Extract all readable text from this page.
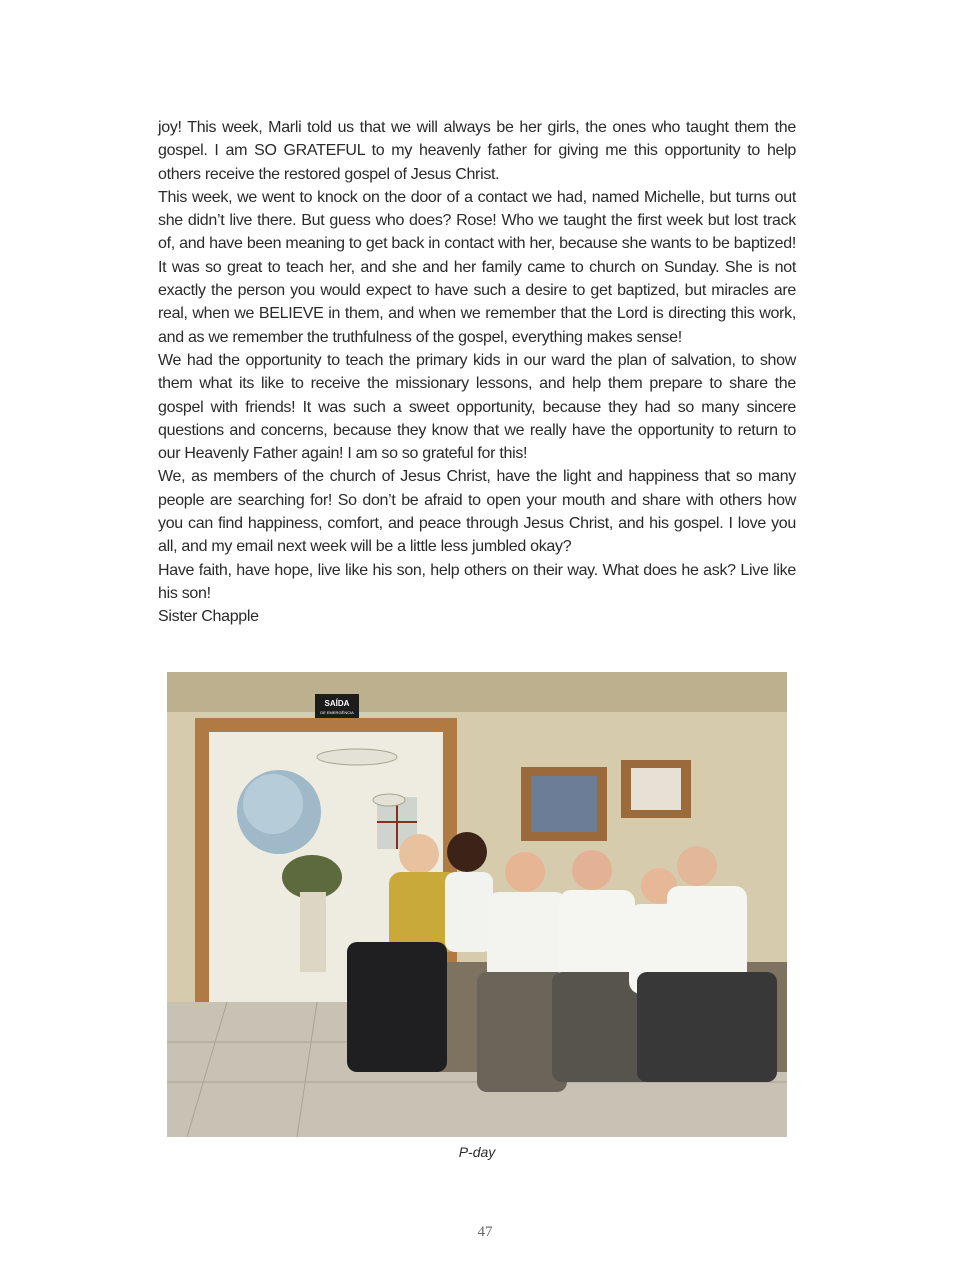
joy! This week, Marli told us that we will always be her girls, the ones who taught them the gospel. I am SO GRATEFUL to my heavenly father for giving me this opportunity to help others receive the restored gospel of Jesus Christ.

This week, we went to knock on the door of a contact we had, named Michelle, but turns out she didn’t live there. But guess who does? Rose! Who we taught the first week but lost track of, and have been meaning to get back in contact with her, because she wants to be baptized! It was so great to teach her, and she and her family came to church on Sunday. She is not exactly the person you would expect to have such a desire to get baptized, but miracles are real, when we BELIEVE in them, and when we remember that the Lord is directing this work, and as we remember the truthfulness of the gospel, everything makes sense!

We had the opportunity to teach the primary kids in our ward the plan of salvation, to show them what its like to receive the missionary lessons, and help them prepare to share the gospel with friends! It was such a sweet opportunity, because they had so many sincere questions and concerns, because they know that we really have the opportunity to return to our Heavenly Father again! I am so so grateful for this!

We, as members of the church of Jesus Christ, have the light and happiness that so many people are searching for! So don’t be afraid to open your mouth and share with others how you can find happiness, comfort, and peace through Jesus Christ, and his gospel. I love you all, and my email next week will be a little less jumbled okay?

Have faith, have hope, live like his son, help others on their way. What does he ask? Live like his son!

Sister Chapple

SAÍDA
DE EMERGÊNCIA
P-day
47
